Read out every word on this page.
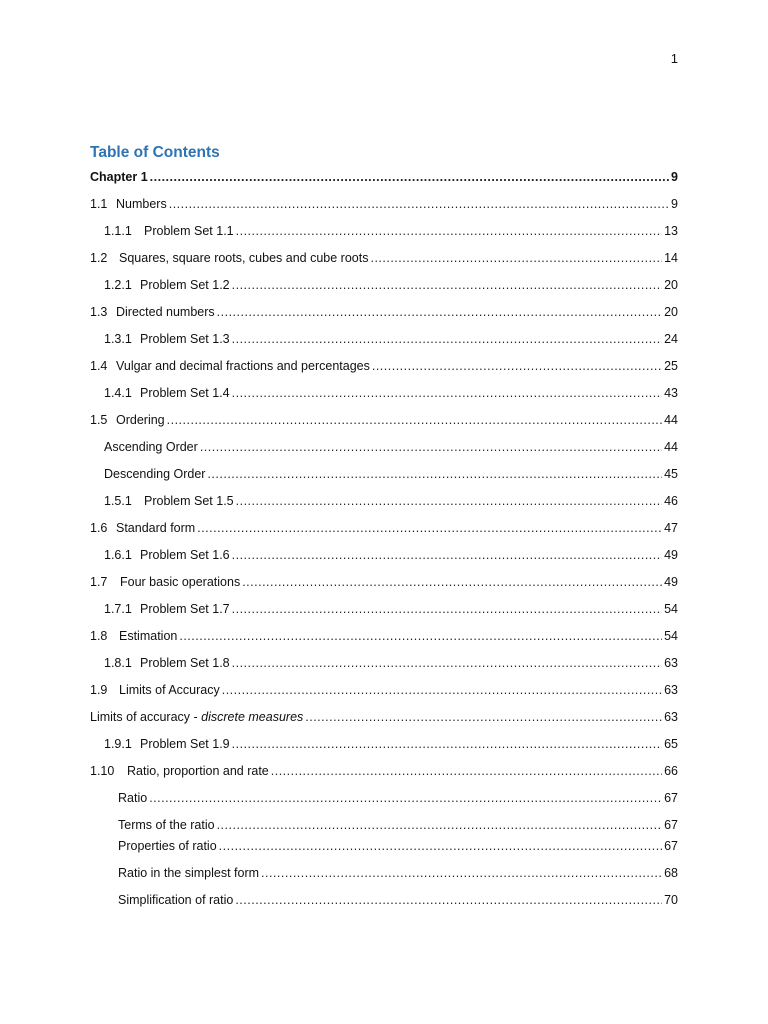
1
Table of Contents
Chapter 1 .....	9
1.1 Numbers .....	9
1.1.1 Problem Set 1.1 .....	13
1.2 Squares, square roots, cubes and cube roots .....	14
1.2.1 Problem Set 1.2 .....	20
1.3 Directed numbers .....	20
1.3.1 Problem Set 1.3 .....	24
1.4 Vulgar and decimal fractions and percentages .....	25
1.4.1 Problem Set 1.4 .....	43
1.5 Ordering .....	44
Ascending Order .....	44
Descending Order .....	45
1.5.1 Problem Set 1.5 .....	46
1.6 Standard form .....	47
1.6.1 Problem Set 1.6 .....	49
1.7 Four basic operations .....	49
1.7.1 Problem Set 1.7 .....	54
1.8 Estimation .....	54
1.8.1 Problem Set 1.8 .....	63
1.9 Limits of Accuracy .....	63
Limits of accuracy - discrete measures .....	63
1.9.1 Problem Set 1.9 .....	65
1.10 Ratio, proportion and rate .....	66
Ratio .....	67
Terms of the ratio .....	67
Properties of ratio .....	67
Ratio in the simplest form .....	68
Simplification of ratio .....	70
